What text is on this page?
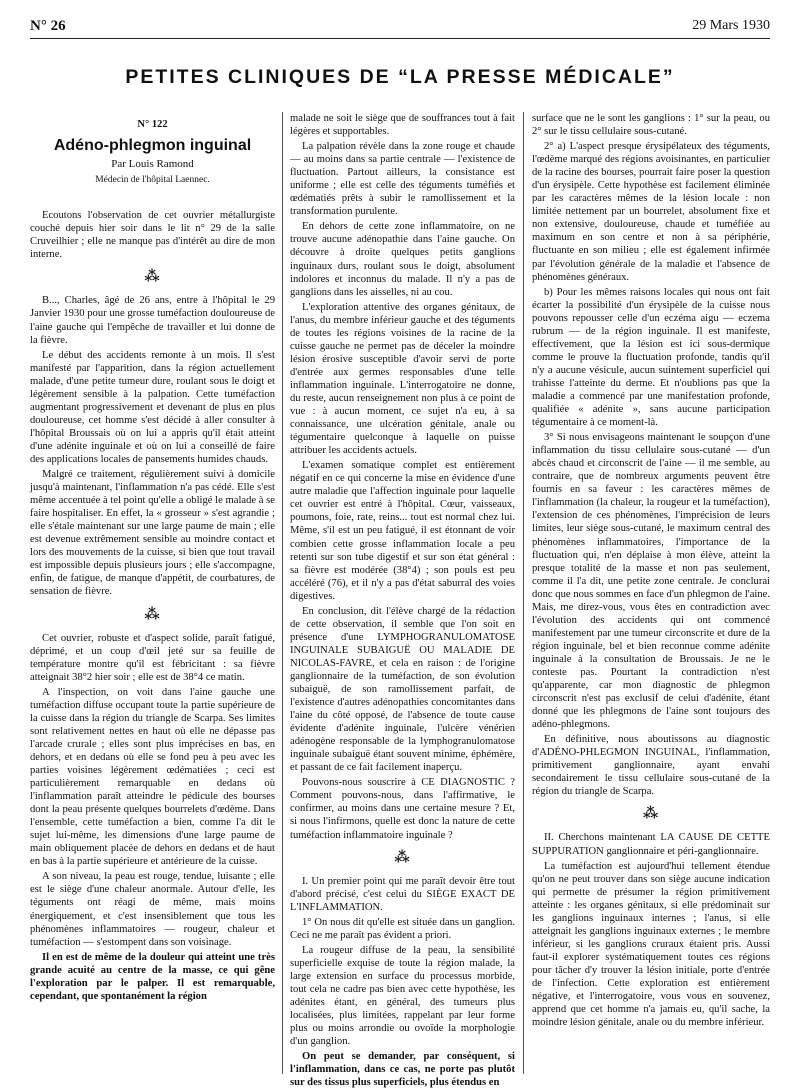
N° 26	29 Mars 1930
PETITES CLINIQUES DE “LA PRESSE MÉDICALE”
N° 122
Adéno-phlegmon inguinal
Par Louis Ramond
Médecin de l'hôpital Laennec.

Ecoutons l'observation de cet ouvrier métallurgiste couché depuis hier soir dans le lit n° 29 de la salle Cruveilhier ; elle ne manque pas d'intérêt au dire de mon interne.

⁂

B..., Charles, âgé de 26 ans, entre à l'hôpital le 29 Janvier 1930 pour une grosse tuméfaction douloureuse de l'aine gauche qui l'empêche de travailler et lui donne de la fièvre.

Le début des accidents remonte à un mois. Il s'est manifesté par l'apparition, dans la région actuellement malade, d'une petite tumeur dure, roulant sous le doigt et légèrement sensible à la palpation. Cette tuméfaction augmentant progressivement et devenant de plus en plus douloureuse, cet homme s'est décidé à aller consulter à l'hôpital Broussais où on lui a appris qu'il était atteint d'une adénite inguinale et où on lui a conseillé de faire des applications locales de pansements humides chauds.

Malgré ce traitement, régulièrement suivi à domicile jusqu'à maintenant, l'inflammation n'a pas cédé. Elle s'est même accentuée à tel point qu'elle a obligé le malade à se faire hospitaliser. En effet, la « grosseur » s'est agrandie ; elle s'étale maintenant sur une large paume de main ; elle est devenue extrêmement sensible au moindre contact et lors des mouvements de la cuisse, si bien que tout travail est impossible depuis plusieurs jours ; elle s'accompagne, enfin, de fatigue, de manque d'appétit, de courbatures, de sensation de fièvre.

⁂

Cet ouvrier, robuste et d'aspect solide, paraît fatigué, déprimé, et un coup d'œil jeté sur sa feuille de température montre qu'il est fébricitant : sa fièvre atteignait 38°2 hier soir ; elle est de 38°4 ce matin.

A l'inspection, on voit dans l'aine gauche une tuméfaction diffuse occupant toute la partie supérieure de la cuisse dans la région du triangle de Scarpa. Ses limites sont relativement nettes en haut où elle ne dépasse pas l'arcade crurale ; elles sont plus imprécises en bas, en dehors, et en dedans où elle se fond peu à peu avec les parties voisines légèrement œdématiées ; ceci est particulièrement remarquable en dedans où l'inflammation paraît atteindre le pédicule des bourses dont la peau présente quelques bourrelets d'œdème. Dans l'ensemble, cette tuméfaction a bien, comme l'a dit le sujet lui-même, les dimensions d'une large paume de main obliquement placée de dehors en dedans et de haut en bas à la partie supérieure et antérieure de la cuisse.

A son niveau, la peau est rouge, tendue, luisante ; elle est le siège d'une chaleur anormale. Autour d'elle, les téguments ont réagi de même, mais moins énergiquement, et c'est insensiblement que tous les phénomènes inflammatoires — rougeur, chaleur et tuméfaction — s'estompent dans son voisinage.

Il en est de même de la douleur qui atteint une très grande acuité au centre de la masse, ce qui gêne l'exploration par le palper. Il est remarquable, cependant, que spontanément la région

malade ne soit le siège que de souffrances tout à fait légères et supportables.

La palpation révèle dans la zone rouge et chaude — au moins dans sa partie centrale — l'existence de fluctuation. Partout ailleurs, la consistance est uniforme ; elle est celle des téguments tuméfiés et œdématiés prêts à subir le ramollissement et la transformation purulente.

En dehors de cette zone inflammatoire, on ne trouve aucune adénopathie dans l'aine gauche. On découvre à droite quelques petits ganglions inguinaux durs, roulant sous le doigt, absolument indolores et inconnus du malade. Il n'y a pas de ganglions dans les aisselles, ni au cou.

L'exploration attentive des organes génitaux, de l'anus, du membre inférieur gauche et des téguments de toutes les régions voisines de la racine de la cuisse gauche ne permet pas de déceler la moindre lésion érosive susceptible d'avoir servi de porte d'entrée aux germes responsables d'une telle inflammation inguinale. L'interrogatoire ne donne, du reste, aucun renseignement non plus à ce point de vue : à aucun moment, ce sujet n'a eu, à sa connaissance, une ulcération génitale, anale ou tégumentaire quelconque à laquelle on puisse attribuer les accidents actuels.

L'examen somatique complet est entièrement négatif en ce qui concerne la mise en évidence d'une autre maladie que l'affection inguinale pour laquelle cet ouvrier est entré à l'hôpital. Cœur, vaisseaux, poumons, foie, rate, reins... tout est normal chez lui. Même, s'il est un peu fatigué, il est étonnant de voir combien cette grosse inflammation locale a peu retenti sur son tube digestif et sur son état général : sa fièvre est modérée (38°4) ; son pouls est peu accéléré (76), et il n'y a pas d'état saburral des voies digestives.

En conclusion, dit l'élève chargé de la rédaction de cette observation, il semble que l'on soit en présence d'une LYMPHOGRANULOMATOSE INGUINALE SUBAIGUË OU MALADIE DE NICOLAS-FAVRE, et cela en raison : de l'origine ganglionnaire de la tuméfaction, de son évolution subaiguë, de son ramollissement parfait, de l'existence d'autres adénopathies concomitantes dans l'aine du côté opposé, de l'absence de toute cause évidente d'adénite inguinale, l'ulcère vénérien adénogène responsable de la lymphogranulomatose inguinale subaiguë étant souvent minime, éphémère, et passant de ce fait facilement inaperçu.

Pouvons-nous souscrire à CE DIAGNOSTIC ? Comment pouvons-nous, dans l'affirmative, le confirmer, au moins dans une certaine mesure ? Et, si nous l'infirmons, quelle est donc la nature de cette tuméfaction inflammatoire inguinale ?

⁂

I. Un premier point qui me paraît devoir être tout d'abord précisé, c'est celui du SIÈGE EXACT DE L'INFLAMMATION.

1° On nous dit qu'elle est située dans un ganglion. Ceci ne me paraît pas évident a priori.

La rougeur diffuse de la peau, la sensibilité superficielle exquise de toute la région malade, la large extension en surface du processus morbide, tout cela ne cadre pas bien avec cette hypothèse, les adénites étant, en général, des tumeurs plus localisées, plus limitées, rappelant par leur forme plus ou moins arrondie ou ovoïde la morphologie d'un ganglion.

On peut se demander, par conséquent, si l'inflammation, dans ce cas, ne porte pas plutôt sur des tissus plus superficiels, plus étendus en

surface que ne le sont les ganglions : 1° sur la peau, ou 2° sur le tissu cellulaire sous-cutané.

2° a) L'aspect presque érysipélateux des téguments, l'œdème marqué des régions avoisinantes, en particulier de la racine des bourses, pourrait faire poser la question d'un érysipèle. Cette hypothèse est facilement éliminée par les caractères mêmes de la lésion locale : non limitée nettement par un bourrelet, absolument fixe et non extensive, douloureuse, chaude et tuméfiée au maximum en son centre et non à sa périphérie, fluctuante en son milieu ; elle est également infirmée par l'évolution générale de la maladie et l'absence de phénomènes généraux.

b) Pour les mêmes raisons locales qui nous ont fait écarter la possibilité d'un érysipèle de la cuisse nous pouvons repousser celle d'un eczéma aigu — eczema rubrum — de la région inguinale. Il est manifeste, effectivement, que la lésion est ici sous-dermique comme le prouve la fluctuation profonde, tandis qu'il n'y a aucune vésicule, aucun suintement superficiel qui trahisse l'atteinte du derme. Et n'oublions pas que la maladie a commencé par une manifestation profonde, qualifiée « adénite », sans aucune participation tégumentaire à ce moment-là.

3° Si nous envisageons maintenant le soupçon d'une inflammation du tissu cellulaire sous-cutané — d'un abcès chaud et circonscrit de l'aine — il me semble, au contraire, que de nombreux arguments peuvent être fournis en sa faveur : les caractères mêmes de l'inflammation (la chaleur, la rougeur et la tuméfaction), l'extension de ces phénomènes, l'imprécision de leurs limites, leur siège sous-cutané, le maximum central des phénomènes inflammatoires, l'importance de la fluctuation qui, n'en déplaise à mon élève, atteint la presque totalité de la masse et non pas seulement, comme il l'a dit, une petite zone centrale. Je conclurai donc que nous sommes en face d'un phlegmon de l'aine. Mais, me direz-vous, vous êtes en contradiction avec l'évolution des accidents qui ont commencé manifestement par une tumeur circonscrite et dure de la région inguinale, bel et bien reconnue comme adénite inguinale à la consultation de Broussais. Je ne le conteste pas. Pourtant la contradiction n'est qu'apparente, car mon diagnostic de phlegmon circonscrit n'est pas exclusif de celui d'adénite, étant donné que les phlegmons de l'aine sont toujours des adéno-phlegmons.

En définitive, nous aboutissons au diagnostic d'ADÉNO-PHLEGMON INGUINAL, l'inflammation, primitivement ganglionnaire, ayant envahi secondairement le tissu cellulaire sous-cutané de la région du triangle de Scarpa.

⁂

II. Cherchons maintenant LA CAUSE DE CETTE SUPPURATION ganglionnaire et péri-ganglionnaire.

La tuméfaction est aujourd'hui tellement étendue qu'on ne peut trouver dans son siège aucune indication qui permette de présumer la région primitivement atteinte : les organes génitaux, si elle prédominait sur les ganglions inguinaux internes ; l'anus, si elle atteignait les ganglions inguinaux externes ; le membre inférieur, si les ganglions cruraux étaient pris. Aussi faut-il explorer systématiquement toutes ces régions pour tâcher d'y trouver la lésion initiale, porte d'entrée de l'infection. Cette exploration est entièrement négative, et l'interrogatoire, vous vous en souvenez, apprend que cet homme n'a jamais eu, qu'il sache, la moindre lésion génitale, anale ou du membre inférieur.
